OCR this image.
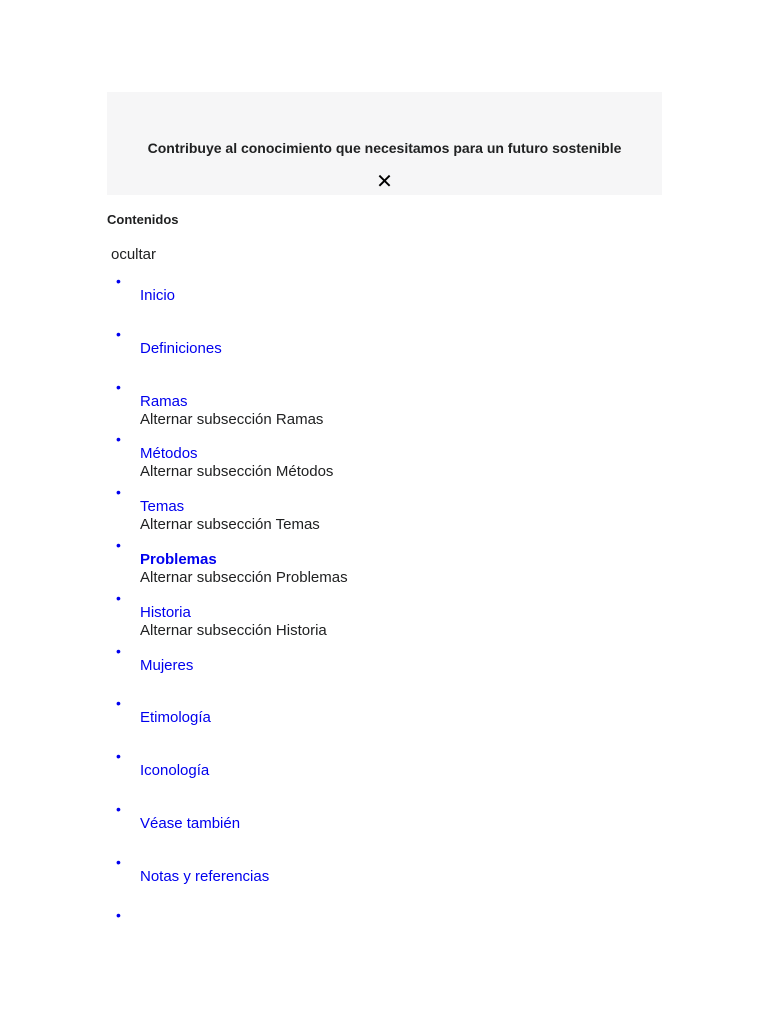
Contribuye al conocimiento que necesitamos para un futuro sostenible
✕
Contenidos
ocultar
•
Inicio
•
Definiciones
•
Ramas
Alternar subsección Ramas
•
Métodos
Alternar subsección Métodos
•
Temas
Alternar subsección Temas
•
Problemas
Alternar subsección Problemas
•
Historia
Alternar subsección Historia
•
Mujeres
•
Etimología
•
Iconología
•
Véase también
•
Notas y referencias
•
